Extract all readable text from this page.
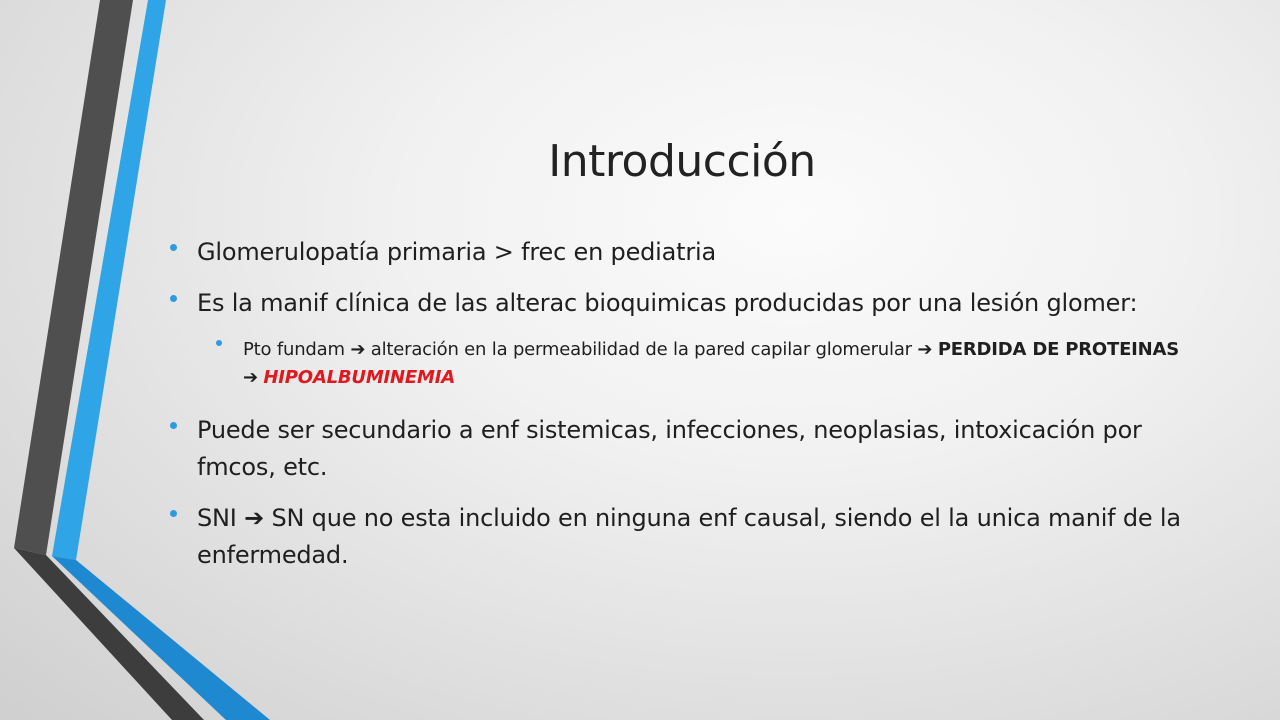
Introducción
Glomerulopatía primaria > frec en pediatria
Es la manif clínica de las alterac bioquimicas producidas por una lesión glomer:
Pto fundam ➔ alteración en la permeabilidad de la pared capilar glomerular ➔ PERDIDA DE PROTEINAS ➔ HIPOALBUMINEMIA
Puede ser secundario a enf sistemicas, infecciones, neoplasias, intoxicación por fmcos, etc.
SNI ➔ SN que no esta incluido en ninguna enf causal, siendo el la unica manif de la enfermedad.
